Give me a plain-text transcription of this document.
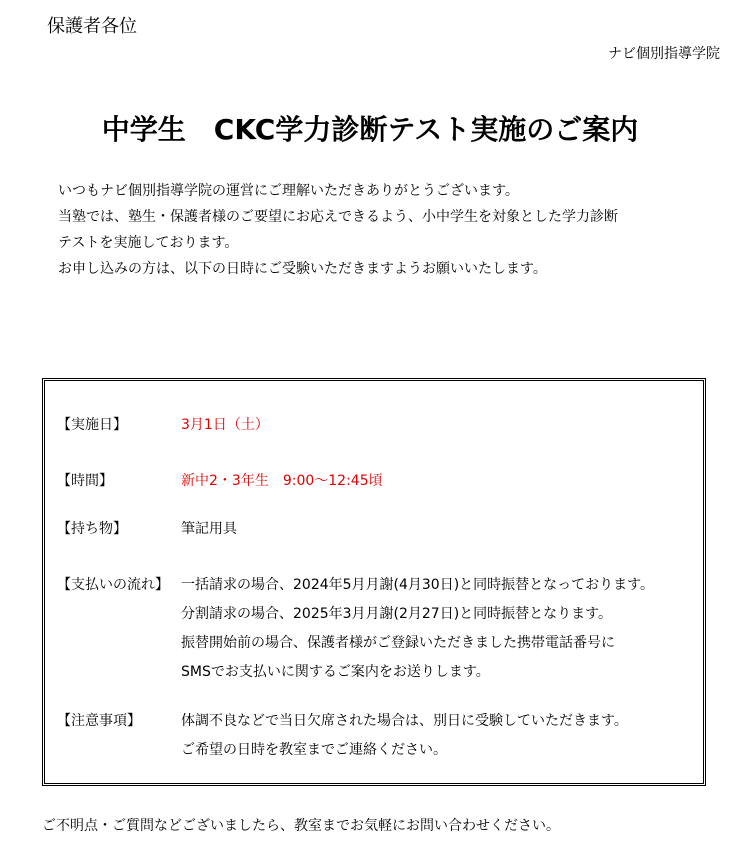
保護者各位
ナビ個別指導学院
中学生　CKC学力診断テスト実施のご案内

いつもナビ個別指導学院の運営にご理解いただきありがとうございます。

当塾では、塾生・保護者様のご要望にお応えできるよう、小中学生を対象とした学力診断

テストを実施しております。

お申し込みの方は、以下の日時にご受験いただきますようお願いいたします。

【実施日】	3月1日（土）
【時間】	新中2・3年生　9:00～12:45頃
【持ち物】	筆記用具
【支払いの流れ】 一括請求の場合、2024年5月月謝(4月30日)と同時振替となっております。

分割請求の場合、2025年3月月謝(2月27日)と同時振替となります。

振替開始前の場合、保護者様がご登録いただきました携帯電話番号に

SMSでお支払いに関するご案内をお送りします。

【注意事項】	体調不良などで当日欠席された場合は、別日に受験していただきます。

ご希望の日時を教室までご連絡ください。

ご不明点・ご質問などございましたら、教室までお気軽にお問い合わせください。
